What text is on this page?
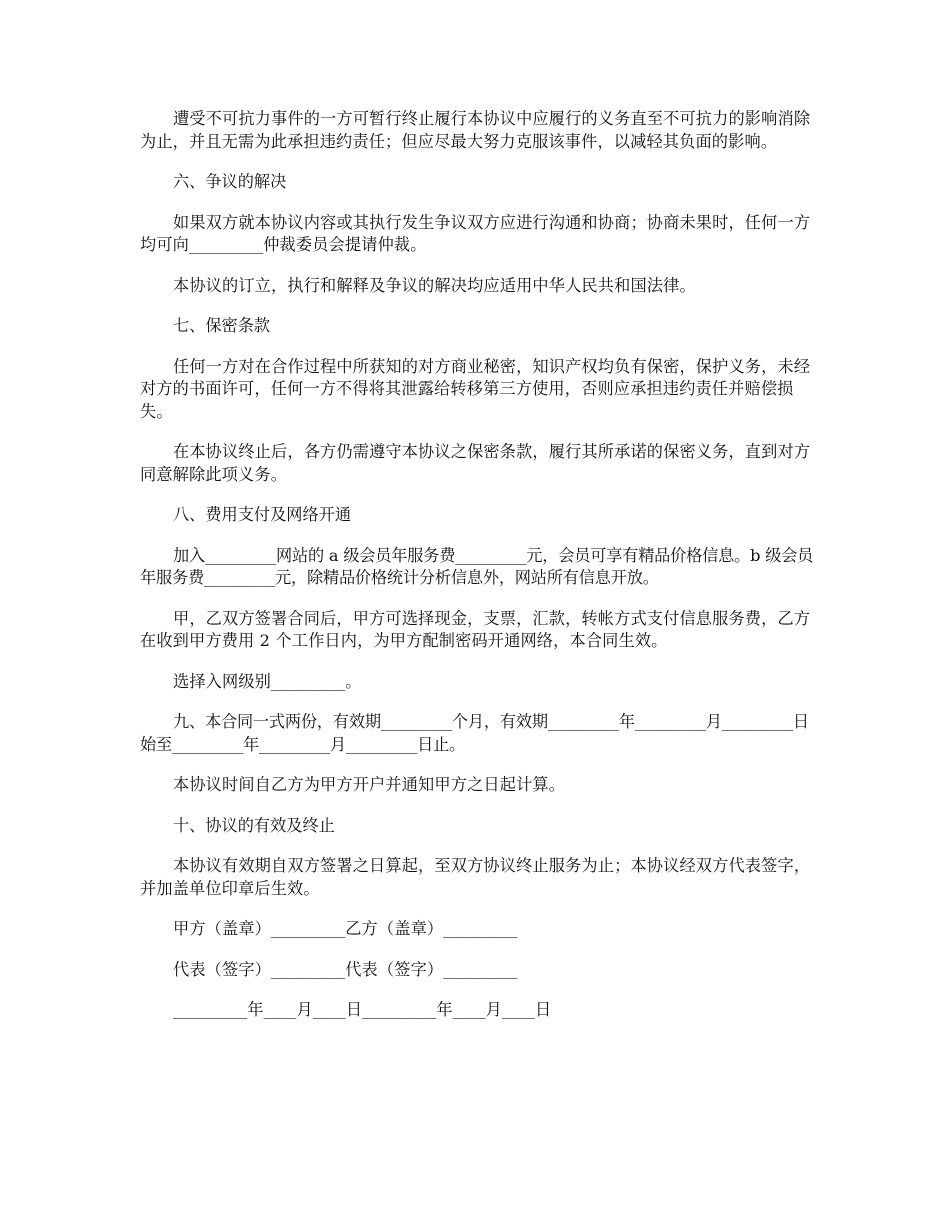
遭受不可抗力事件的一方可暂行终止履行本协议中应履行的义务直至不可抗力的影响消除为止，并且无需为此承担违约责任；但应尽最大努力克服该事件，以减轻其负面的影响。

六、争议的解决

如果双方就本协议内容或其执行发生争议双方应进行沟通和协商；协商未果时，任何一方均可向_________仲裁委员会提请仲裁。

本协议的订立，执行和解释及争议的解决均应适用中华人民共和国法律。

七、保密条款

任何一方对在合作过程中所获知的对方商业秘密，知识产权均负有保密，保护义务，未经对方的书面许可，任何一方不得将其泄露给转移第三方使用，否则应承担违约责任并赔偿损失。

在本协议终止后，各方仍需遵守本协议之保密条款，履行其所承诺的保密义务，直到对方同意解除此项义务。

八、费用支付及网络开通

加入_________网站的 a 级会员年服务费_________元，会员可享有精品价格信息。b 级会员年服务费_________元，除精品价格统计分析信息外，网站所有信息开放。

甲，乙双方签署合同后，甲方可选择现金，支票，汇款，转帐方式支付信息服务费，乙方在收到甲方费用 2 个工作日内，为甲方配制密码开通网络，本合同生效。

选择入网级别_________。

九、本合同一式两份，有效期_________个月，有效期_________年_________月_________日始至_________年_________月_________日止。

本协议时间自乙方为甲方开户并通知甲方之日起计算。

十、协议的有效及终止

本协议有效期自双方签署之日算起，至双方协议终止服务为止；本协议经双方代表签字，并加盖单位印章后生效。

甲方（盖章）_________乙方（盖章）_________

代表（签字）_________代表（签字）_________

_________年____月____日_________年____月____日
